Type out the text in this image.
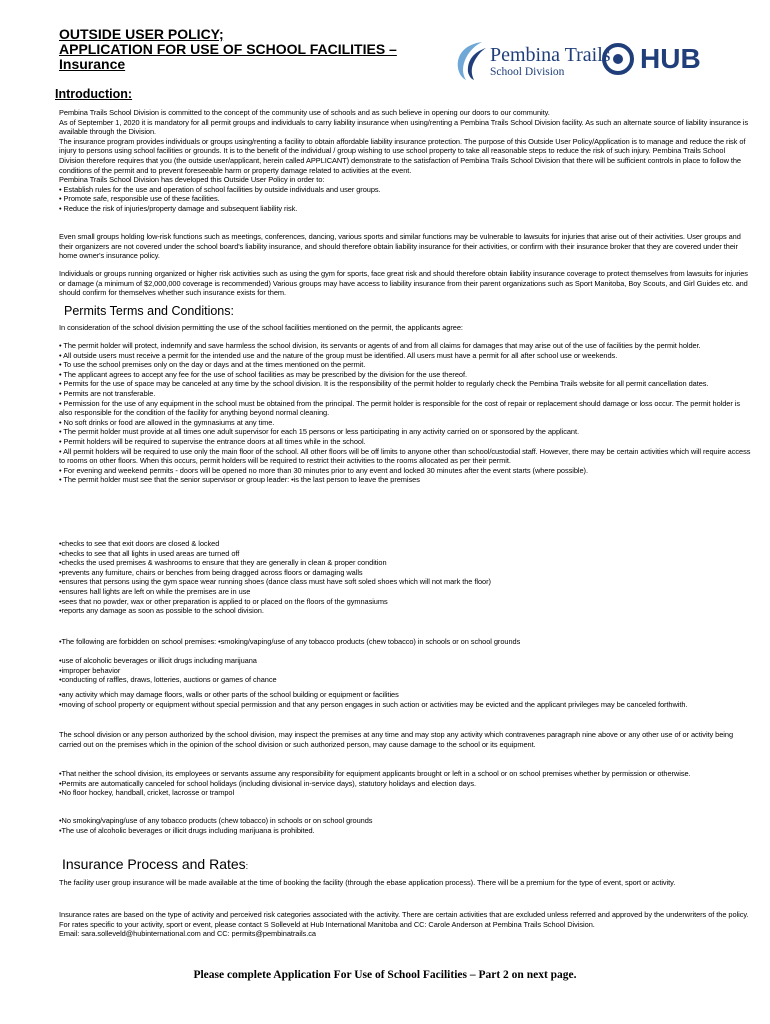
OUTSIDE USER POLICY;
APPLICATION FOR USE OF SCHOOL FACILITIES –
Insurance	Pembina Trails
School Division	HUB
Introduction:

Pembina Trails School Division is committed to the concept of the community use of schools and as such believe in opening our doors to our community.

As of September 1, 2020 it is mandatory for all permit groups and individuals to carry liability insurance when using/renting a Pembina Trails School Division facility. As such an alternate source of liability insurance is available through the Division.

The insurance program provides individuals or groups using/renting a facility to obtain affordable liability insurance protection. The purpose of this Outside User Policy/Application is to manage and reduce the risk of injury to persons using school facilities or grounds. It is to the benefit of the individual / group wishing to use school property to take all reasonable steps to reduce the risk of such injury. Pembina Trails School Division therefore requires that you (the outside user/applicant, herein called APPLICANT) demonstrate to the satisfaction of Pembina Trails School Division that there will be sufficient controls in place to follow the conditions of the permit and to prevent foreseeable harm or property damage related to activities at the event.

Pembina Trails School Division has developed this Outside User Policy in order to:

• Establish rules for the use and operation of school facilities by outside individuals and user groups.

• Promote safe, responsible use of these facilities.

• Reduce the risk of injuries/property damage and subsequent liability risk.

Even small groups holding low-risk functions such as meetings, conferences, dancing, various sports and similar functions may be vulnerable to lawsuits for injuries that arise out of their activities. User groups and their organizers are not covered under the school board's liability insurance, and should therefore obtain liability insurance for their activities, or confirm with their insurance broker that they are covered under their home owner's insurance policy.

Individuals or groups running organized or higher risk activities such as using the gym for sports, face great risk and should therefore obtain liability insurance coverage to protect themselves from lawsuits for injuries or damage (a minimum of $2,000,000 coverage is recommended) Various groups may have access to liability insurance from their parent organizations such as Sport Manitoba, Boy Scouts, and Girl Guides etc. and should confirm for themselves whether such insurance exists for them.

Permits Terms and Conditions:

In consideration of the school division permitting the use of the school facilities mentioned on the permit, the applicants agree:

• The permit holder will protect, indemnify and save harmless the school division, its servants or agents of and from all claims for damages that may arise out of the use of facilities by the permit holder.

• All outside users must receive a permit for the intended use and the nature of the group must be identified. All users must have a permit for all after school use or weekends.

• To use the school premises only on the day or days and at the times mentioned on the permit.

• The applicant agrees to accept any fee for the use of school facilities as may be prescribed by the division for the use thereof.

• Permits for the use of space may be canceled at any time by the school division. It is the responsibility of the permit holder to regularly check the Pembina Trails website for all permit cancellation dates.

• Permits are not transferable.

• Permission for the use of any equipment in the school must be obtained from the principal. The permit holder is responsible for the cost of repair or replacement should damage or loss occur. The permit holder is also responsible for the condition of the facility for anything beyond normal cleaning.

• No soft drinks or food are allowed in the gymnasiums at any time.

• The permit holder must provide at all times one adult supervisor for each 15 persons or less participating in any activity carried on or sponsored by the applicant.

• Permit holders will be required to supervise the entrance doors at all times while in the school.

• All permit holders will be required to use only the main floor of the school. All other floors will be off limits to anyone other than school/custodial staff. However, there may be certain activities which will require access to rooms on other floors. When this occurs, permit holders will be required to restrict their activities to the rooms allocated as per their permit.

• For evening and weekend permits - doors will be opened no more than 30 minutes prior to any event and locked 30 minutes after the event starts (where possible).

• The permit holder must see that the senior supervisor or group leader: •is the last person to leave the premises

•checks to see that exit doors are closed & locked

•checks to see that all lights in used areas are turned off

•checks the used premises & washrooms to ensure that they are generally in clean & proper condition

•prevents any furniture, chairs or benches from being dragged across floors or damaging walls

•ensures that persons using the gym space wear running shoes (dance class must have soft soled shoes which will not mark the floor)

•ensures hall lights are left on while the premises are in use

•sees that no powder, wax or other preparation is applied to or placed on the floors of the gymnasiums

•reports any damage as soon as possible to the school division.

•The following are forbidden on school premises: •smoking/vaping/use of any tobacco products (chew tobacco) in schools or on school grounds

•use of alcoholic beverages or illicit drugs including marijuana

•improper behavior

•conducting of raffles, draws, lotteries, auctions or games of chance

•any activity which may damage floors, walls or other parts of the school building or equipment or facilities

•moving of school property or equipment without special permission and that any person engages in such action or activities may be evicted and the applicant privileges may be canceled forthwith.

The school division or any person authorized by the school division, may inspect the premises at any time and may stop any activity which contravenes paragraph nine above or any other use of or activity being carried out on the premises which in the opinion of the school division or such authorized person, may cause damage to the school or its equipment.

•That neither the school division, its employees or servants assume any responsibility for equipment applicants brought or left in a school or on school premises whether by permission or otherwise.

•Permits are automatically canceled for school holidays (including divisional in-service days), statutory holidays and election days.

•No floor hockey, handball, cricket, lacrosse or trampol

•No smoking/vaping/use of any tobacco products (chew tobacco) in schools or on school grounds

•The use of alcoholic beverages or illicit drugs including marijuana is prohibited.

Insurance Process and Rates:

The facility user group insurance will be made available at the time of booking the facility (through the ebase application process). There will be a premium for the type of event, sport or activity.

Insurance rates are based on the type of activity and perceived risk categories associated with the activity. There are certain activities that are excluded unless referred and approved by the underwriters of the policy. For rates specific to your activity, sport or event, please contact S Solleveld at Hub International Manitoba and CC: Carole Anderson at Pembina Trails School Division.

Email: sara.solleveld@hubinternational.com and CC: permits@pembinatrails.ca

Please complete Application For Use of School Facilities – Part 2 on next page.
